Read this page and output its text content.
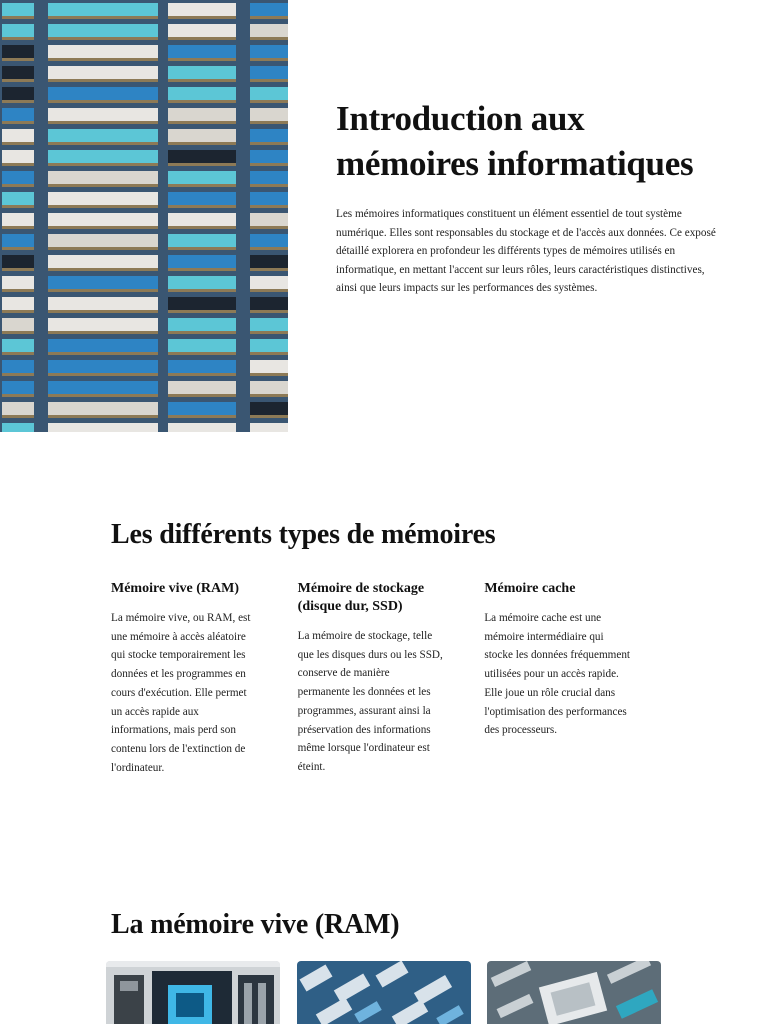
Introduction aux mémoires informatiques

Les mémoires informatiques constituent un élément essentiel de tout système numérique. Elles sont responsables du stockage et de l'accès aux données. Ce exposé détaillé explorera en profondeur les différents types de mémoires utilisés en informatique, en mettant l'accent sur leurs rôles, leurs caractéristiques distinctives, ainsi que leurs impacts sur les performances des systèmes.

Les différents types de mémoires
Mémoire vive (RAM)

La mémoire vive, ou RAM, est une mémoire à accès aléatoire qui stocke temporairement les données et les programmes en cours d'exécution. Elle permet un accès rapide aux informations, mais perd son contenu lors de l'extinction de l'ordinateur.

Mémoire de stockage (disque dur, SSD)

La mémoire de stockage, telle que les disques durs ou les SSD, conserve de manière permanente les données et les programmes, assurant ainsi la préservation des informations même lorsque l'ordinateur est éteint.

Mémoire cache

La mémoire cache est une mémoire intermédiaire qui stocke les données fréquemment utilisées pour un accès rapide. Elle joue un rôle crucial dans l'optimisation des performances des processeurs.

La mémoire vive (RAM)
